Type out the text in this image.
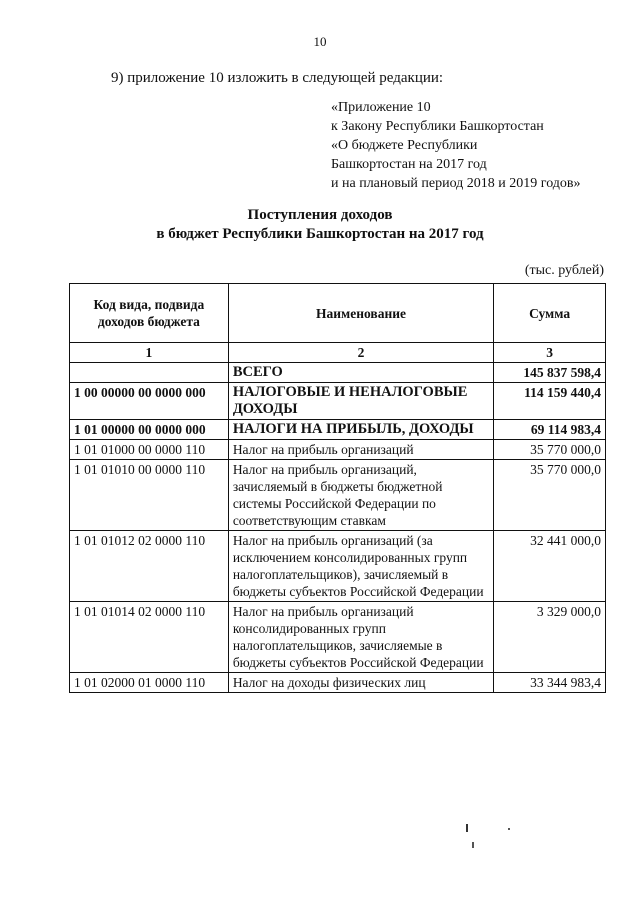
10
9) приложение 10 изложить в следующей редакции:
«Приложение 10
к Закону Республики Башкортостан
«О бюджете Республики
Башкортостан на 2017 год
и на плановый период 2018 и 2019 годов»
Поступления доходов
в бюджет Республики Башкортостан на 2017 год
(тыс. рублей)
Код вида, подвида доходов бюджета	Наименование	Сумма
1	2	3
	ВСЕГО	145 837 598,4
1 00 00000 00 0000 000	НАЛОГОВЫЕ И НЕНАЛОГОВЫЕ ДОХОДЫ	114 159 440,4
1 01 00000 00 0000 000	НАЛОГИ НА ПРИБЫЛЬ, ДОХОДЫ	69 114 983,4
1 01 01000 00 0000 110	Налог на прибыль организаций	35 770 000,0
1 01 01010 00 0000 110	Налог на прибыль организаций, зачисляемый в бюджеты бюджетной системы Российской Федерации по соответствующим ставкам	35 770 000,0
1 01 01012 02 0000 110	Налог на прибыль организаций (за исключением консолидированных групп налогоплательщиков), зачисляемый в бюджеты субъектов Российской Федерации	32 441 000,0
1 01 01014 02 0000 110	Налог на прибыль организаций консолидированных групп налогоплательщиков, зачисляемые в бюджеты субъектов Российской Федерации	3 329 000,0
1 01 02000 01 0000 110	Налог на доходы физических лиц	33 344 983,4
